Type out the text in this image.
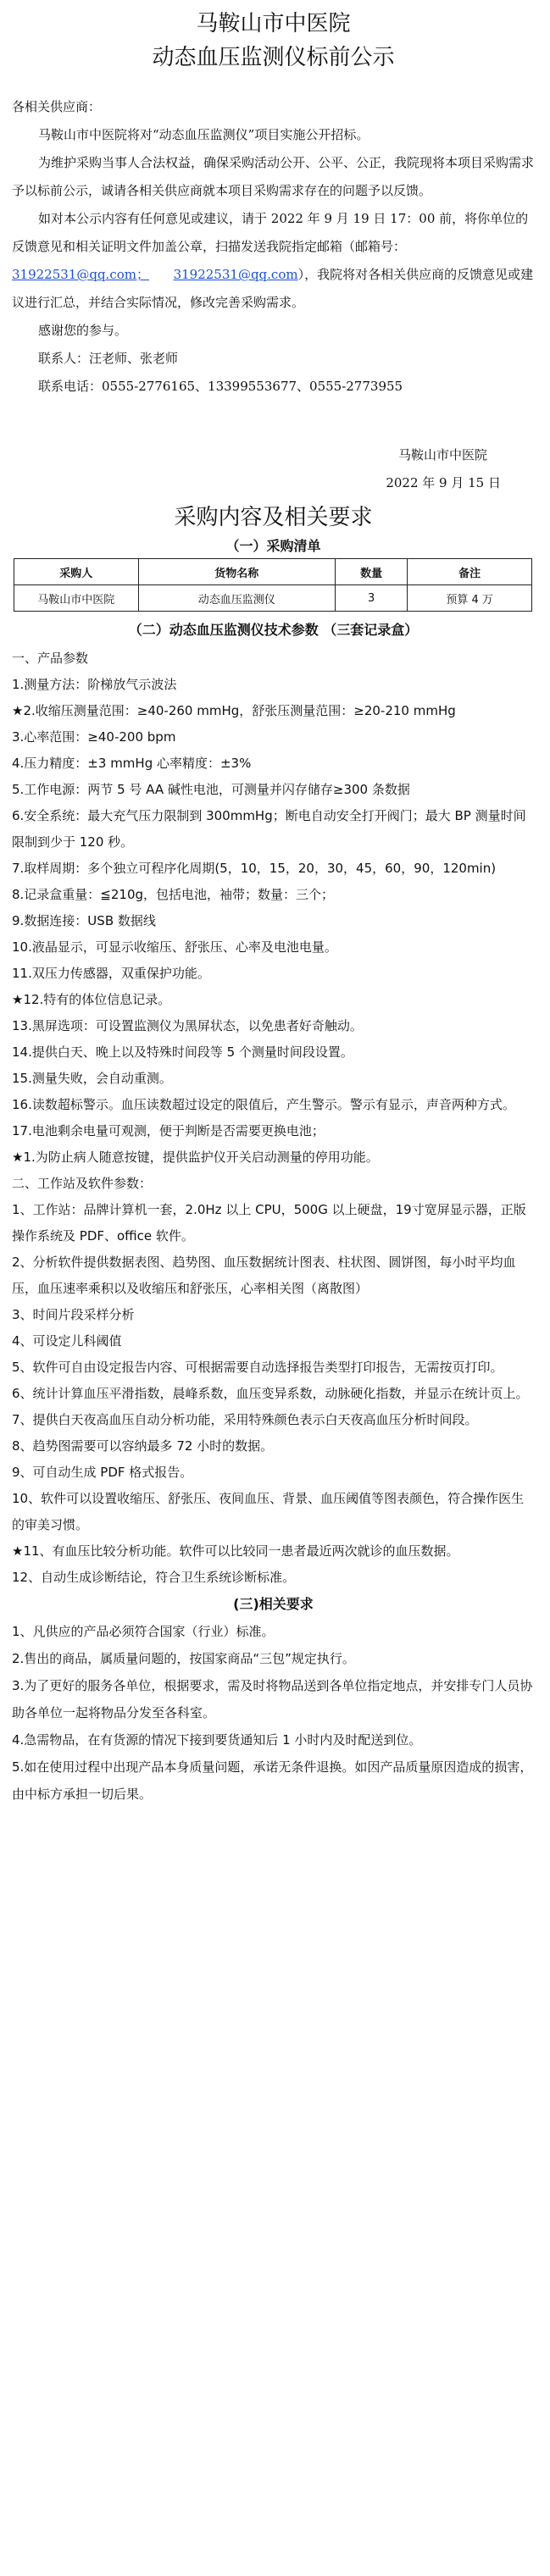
马鞍山市中医院
动态血压监测仪标前公示

各相关供应商：

马鞍山市中医院将对“动态血压监测仪”项目实施公开招标。

为维护采购当事人合法权益，确保采购活动公开、公平、公正，我院现将本项目采购需求予以标前公示，诚请各相关供应商就本项目采购需求存在的问题予以反馈。

如对本公示内容有任何意见或建议，请于 2022 年 9 月 19 日 17：00 前，将你单位的反馈意见和相关证明文件加盖公章，扫描发送我院指定邮箱（邮箱号：31922531@qq.com； 31922531@qq.com），我院将对各相关供应商的反馈意见或建议进行汇总，并结合实际情况，修改完善采购需求。

感谢您的参与。

联系人：汪老师、张老师

联系电话：0555-2776165、13399553677、0555-2773955

马鞍山市中医院

2022 年 9 月 15 日

采购内容及相关要求
（一）采购清单
采购人	货物名称	数量	备注
马鞍山市中医院	动态血压监测仪	3	预算 4 万
（二）动态血压监测仪技术参数 （三套记录盒）

一、产品参数

1.测量方法：阶梯放气示波法

★2.收缩压测量范围：≥40-260 mmHg，舒张压测量范围：≥20-210 mmHg

3.心率范围：≥40-200 bpm

4.压力精度：±3 mmHg 心率精度：±3%

5.工作电源：两节 5 号 AA 碱性电池，可测量并闪存储存≥300 条数据

6.安全系统：最大充气压力限制到 300mmHg；断电自动安全打开阀门；最大 BP 测量时间限制到少于 120 秒。

7.取样周期：多个独立可程序化周期(5，10，15，20，30，45，60，90，120min)

8.记录盒重量：≦210g，包括电池，袖带；数量：三个；

9.数据连接：USB 数据线

10.液晶显示，可显示收缩压、舒张压、心率及电池电量。

11.双压力传感器，双重保护功能。

★12.特有的体位信息记录。

13.黑屏选项：可设置监测仪为黑屏状态，以免患者好奇触动。

14.提供白天、晚上以及特殊时间段等 5 个测量时间段设置。

15.测量失败，会自动重测。

16.读数超标警示。血压读数超过设定的限值后，产生警示。警示有显示，声音两种方式。

17.电池剩余电量可观测，便于判断是否需要更换电池；

★1.为防止病人随意按键，提供监护仪开关启动测量的停用功能。

二、工作站及软件参数：

1、工作站：品牌计算机一套，2.0Hz 以上 CPU，500G 以上硬盘，19寸宽屏显示器，正版操作系统及 PDF、office 软件。

2、分析软件提供数据表图、趋势图、血压数据统计图表、柱状图、圆饼图，每小时平均血压，血压速率乘积以及收缩压和舒张压，心率相关图（离散图）

3、时间片段采样分析

4、可设定儿科阈值

5、软件可自由设定报告内容、可根据需要自动选择报告类型打印报告，无需按页打印。

6、统计计算血压平滑指数，晨峰系数，血压变异系数，动脉硬化指数，并显示在统计页上。

7、提供白天夜高血压自动分析功能，采用特殊颜色表示白天夜高血压分析时间段。

8、趋势图需要可以容纳最多 72 小时的数据。

9、可自动生成 PDF 格式报告。

10、软件可以设置收缩压、舒张压、夜间血压、背景、血压阈值等图表颜色，符合操作医生的审美习惯。

★11、有血压比较分析功能。软件可以比较同一患者最近两次就诊的血压数据。

12、自动生成诊断结论，符合卫生系统诊断标准。

(三)相关要求

1、凡供应的产品必须符合国家（行业）标准。

2.售出的商品，属质量问题的，按国家商品“三包”规定执行。

3.为了更好的服务各单位，根据要求，需及时将物品送到各单位指定地点，并安排专门人员协助各单位一起将物品分发至各科室。

4.急需物品，在有货源的情况下接到要货通知后 1 小时内及时配送到位。

5.如在使用过程中出现产品本身质量问题，承诺无条件退换。如因产品质量原因造成的损害，由中标方承担一切后果。
